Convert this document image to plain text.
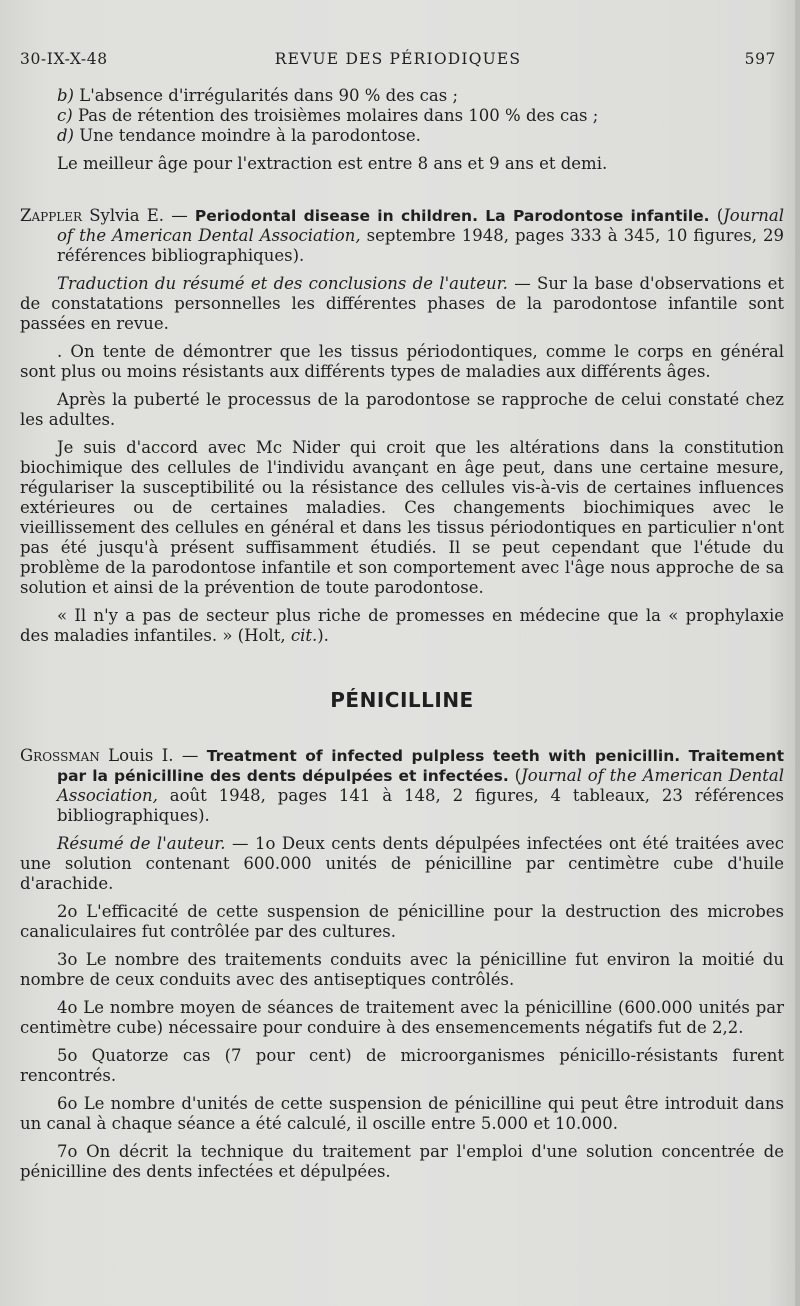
30-IX-X-48	REVUE DES PÉRIODIQUES	597

b) L'absence d'irrégularités dans 90 % des cas ;

c) Pas de rétention des troisièmes molaires dans 100 % des cas ;

d) Une tendance moindre à la parodontose.

Le meilleur âge pour l'extraction est entre 8 ans et 9 ans et demi.

Zappler Sylvia E. — Periodontal disease in children. La Parodontose infantile. (Journal of the American Dental Association, septembre 1948, pages 333 à 345, 10 figures, 29 références bibliographiques).

Traduction du résumé et des conclusions de l'auteur. — Sur la base d'observations et de constatations personnelles les différentes phases de la parodontose infantile sont passées en revue.

. On tente de démontrer que les tissus périodontiques, comme le corps en général sont plus ou moins résistants aux différents types de maladies aux différents âges.

Après la puberté le processus de la parodontose se rapproche de celui constaté chez les adultes.

Je suis d'accord avec Mc Nider qui croit que les altérations dans la constitution biochimique des cellules de l'individu avançant en âge peut, dans une certaine mesure, régulariser la susceptibilité ou la résistance des cellules vis-à-vis de certaines influences extérieures ou de certaines maladies. Ces changements biochimiques avec le vieillissement des cellules en général et dans les tissus périodontiques en particulier n'ont pas été jusqu'à présent suffisamment étudiés. Il se peut cependant que l'étude du problème de la parodontose infantile et son comportement avec l'âge nous approche de sa solution et ainsi de la prévention de toute parodontose.

« Il n'y a pas de secteur plus riche de promesses en médecine que la « prophylaxie des maladies infantiles. » (Holt, cit.).

PÉNICILLINE

Grossman Louis I. — Treatment of infected pulpless teeth with penicillin. Traitement par la pénicilline des dents dépulpées et infectées. (Journal of the American Dental Association, août 1948, pages 141 à 148, 2 figures, 4 tableaux, 23 références bibliographiques).

Résumé de l'auteur. — 1o Deux cents dents dépulpées infectées ont été traitées avec une solution contenant 600.000 unités de pénicilline par centimètre cube d'huile d'arachide.

2o L'efficacité de cette suspension de pénicilline pour la destruction des microbes canaliculaires fut contrôlée par des cultures.

3o Le nombre des traitements conduits avec la pénicilline fut environ la moitié du nombre de ceux conduits avec des antiseptiques contrôlés.

4o Le nombre moyen de séances de traitement avec la pénicilline (600.000 unités par centimètre cube) nécessaire pour conduire à des ensemencements négatifs fut de 2,2.

5o Quatorze cas (7 pour cent) de microorganismes pénicillo-résistants furent rencontrés.

6o Le nombre d'unités de cette suspension de pénicilline qui peut être introduit dans un canal à chaque séance a été calculé, il oscille entre 5.000 et 10.000.

7o On décrit la technique du traitement par l'emploi d'une solution concentrée de pénicilline des dents infectées et dépulpées.
